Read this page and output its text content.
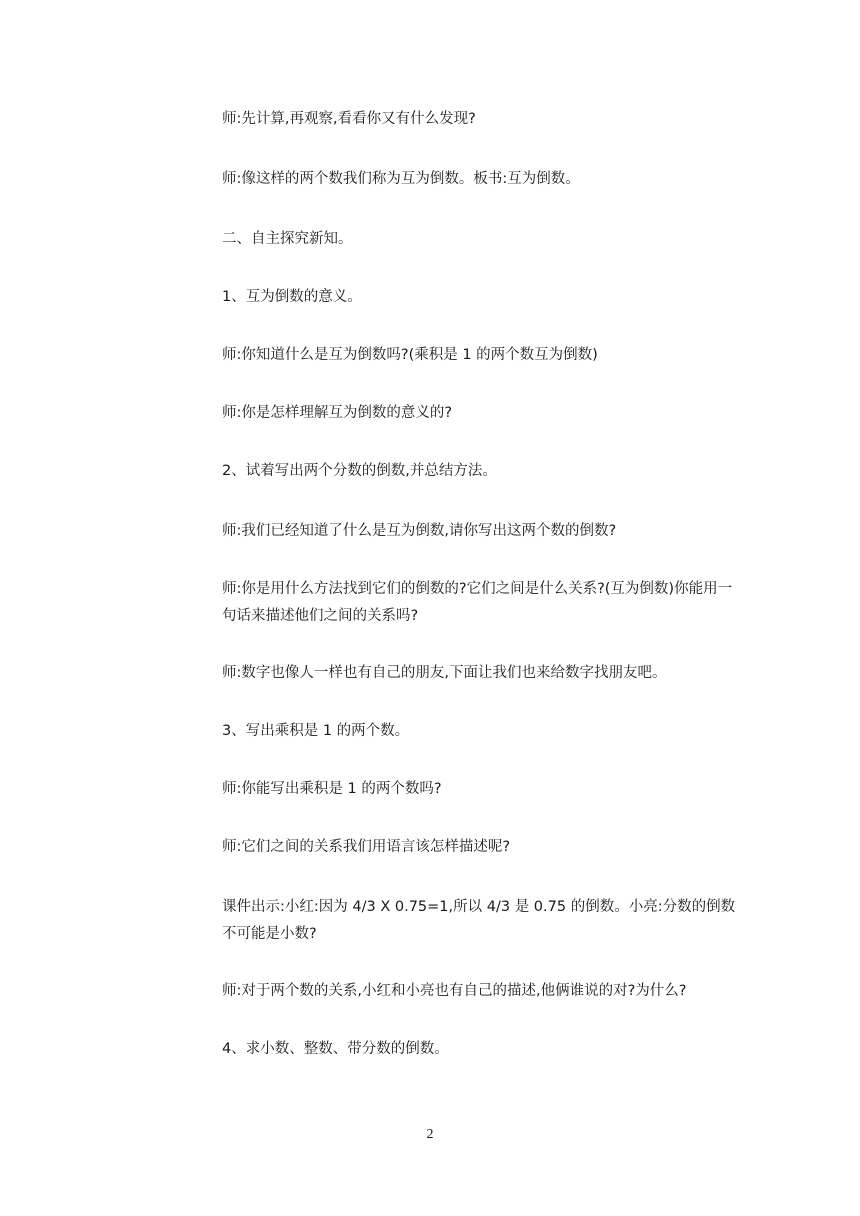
师:先计算,再观察,看看你又有什么发现?

师:像这样的两个数我们称为互为倒数。板书:互为倒数。

二、自主探究新知。

1、互为倒数的意义。

师:你知道什么是互为倒数吗?(乘积是 1 的两个数互为倒数)

师:你是怎样理解互为倒数的意义的?

2、试着写出两个分数的倒数,并总结方法。

师:我们已经知道了什么是互为倒数,请你写出这两个数的倒数?

师:你是用什么方法找到它们的倒数的?它们之间是什么关系?(互为倒数)你能用一句话来描述他们之间的关系吗?

师:数字也像人一样也有自己的朋友,下面让我们也来给数字找朋友吧。

3、写出乘积是 1 的两个数。

师:你能写出乘积是 1 的两个数吗?

师:它们之间的关系我们用语言该怎样描述呢?

课件出示:小红:因为 4/3 X 0.75=1,所以 4/3 是 0.75 的倒数。小亮:分数的倒数不可能是小数?

师:对于两个数的关系,小红和小亮也有自己的描述,他俩谁说的对?为什么?

4、求小数、整数、带分数的倒数。

2
